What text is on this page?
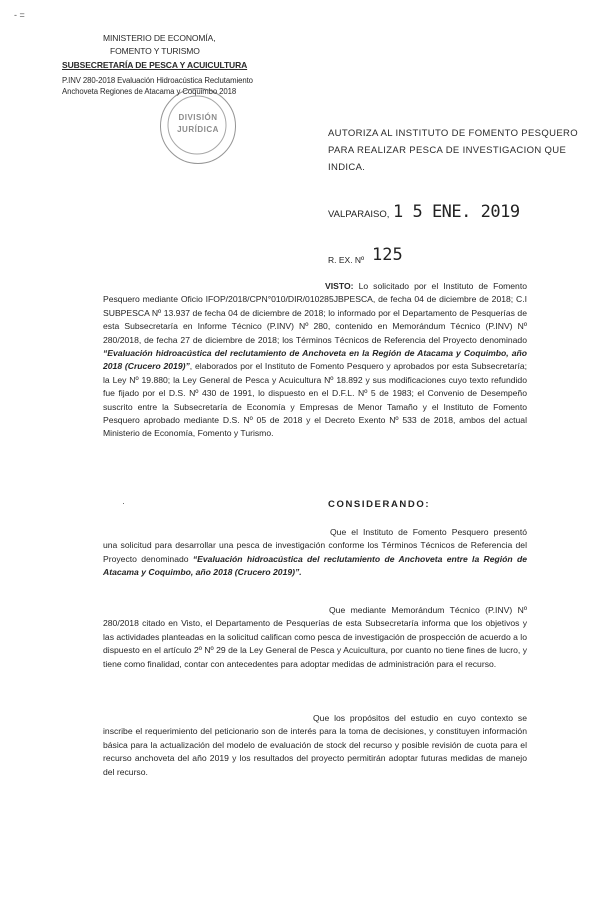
- =
MINISTERIO DE ECONOMÍA,
FOMENTO Y TURISMO
SUBSECRETARÍA DE PESCA Y ACUICULTURA
P.INV 280-2018 Evaluación Hidroacústica Reclutamiento
Anchoveta Regiones de Atacama y Coquimbo 2018
DIVISIÓN
JURÍDICA	AUTORIZA AL INSTITUTO DE FOMENTO PESQUERO
PARA REALIZAR PESCA DE INVESTIGACION QUE
INDICA.
VALPARAISO, 1 5 ENE. 2019
R. EX. Nº 125
VISTO: Lo solicitado por el Instituto de Fomento Pesquero mediante Oficio IFOP/2018/CPN°010/DIR/010285JBPESCA, de fecha 04 de diciembre de 2018; C.I SUBPESCA Nº 13.937 de fecha 04 de diciembre de 2018; lo informado por el Departamento de Pesquerías de esta Subsecretaría en Informe Técnico (P.INV) Nº 280, contenido en Memorándum Técnico (P.INV) Nº 280/2018, de fecha 27 de diciembre de 2018; los Términos Técnicos de Referencia del Proyecto denominado “Evaluación hidroacústica del reclutamiento de Anchoveta en la Región de Atacama y Coquimbo, año 2018 (Crucero 2019)”, elaborados por el Instituto de Fomento Pesquero y aprobados por esta Subsecretaría; la Ley Nº 19.880; la Ley General de Pesca y Acuicultura Nº 18.892 y sus modificaciones cuyo texto refundido fue fijado por el D.S. Nº 430 de 1991, lo dispuesto en el D.F.L. Nº 5 de 1983; el Convenio de Desempeño suscrito entre la Subsecretaría de Economía y Empresas de Menor Tamaño y el Instituto de Fomento Pesquero aprobado mediante D.S. Nº 05 de 2018 y el Decreto Exento Nº 533 de 2018, ambos del actual Ministerio de Economía, Fomento y Turismo.
·	CONSIDERANDO:
Que el Instituto de Fomento Pesquero presentó una solicitud para desarrollar una pesca de investigación conforme los Términos Técnicos de Referencia del Proyecto denominado “Evaluación hidroacústica del reclutamiento de Anchoveta entre la Región de Atacama y Coquimbo, año 2018 (Crucero 2019)”.
Que mediante Memorándum Técnico (P.INV) Nº 280/2018 citado en Visto, el Departamento de Pesquerías de esta Subsecretaría informa que los objetivos y las actividades planteadas en la solicitud califican como pesca de investigación de prospección de acuerdo a lo dispuesto en el artículo 2º Nº 29 de la Ley General de Pesca y Acuicultura, por cuanto no tiene fines de lucro, y tiene como finalidad, contar con antecedentes para adoptar medidas de administración para el recurso.
Que los propósitos del estudio en cuyo contexto se inscribe el requerimiento del peticionario son de interés para la toma de decisiones, y constituyen información básica para la actualización del modelo de evaluación de stock del recurso y posible revisión de cuota para el recurso anchoveta del año 2019 y los resultados del proyecto permitirán adoptar futuras medidas de manejo del recurso.
